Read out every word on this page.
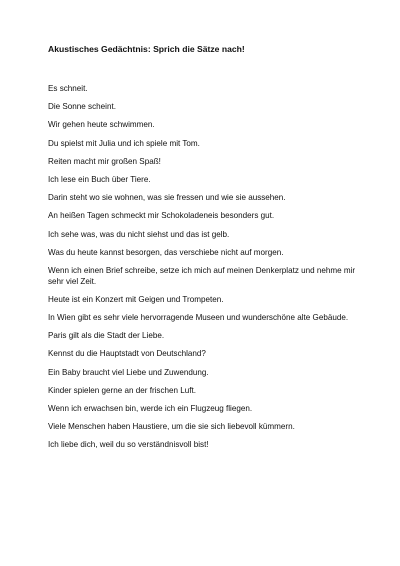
Akustisches Gedächtnis: Sprich die Sätze nach!
Es schneit.
Die Sonne scheint.
Wir gehen heute schwimmen.
Du spielst mit Julia und ich spiele mit Tom.
Reiten macht mir großen Spaß!
Ich lese ein Buch über Tiere.
Darin steht wo sie wohnen, was sie fressen und wie sie aussehen.
An heißen Tagen schmeckt mir Schokoladeneis besonders gut.
Ich sehe was, was du nicht siehst und das ist gelb.
Was du heute kannst besorgen, das verschiebe nicht auf morgen.
Wenn ich einen Brief schreibe, setze ich mich auf meinen Denkerplatz und nehme mir sehr viel Zeit.
Heute ist ein Konzert mit Geigen und Trompeten.
In Wien gibt es sehr viele hervorragende Museen und wunderschöne alte Gebäude.
Paris gilt als die Stadt der Liebe.
Kennst du die Hauptstadt von Deutschland?
Ein Baby braucht viel Liebe und Zuwendung.
Kinder spielen gerne an der frischen Luft.
Wenn ich erwachsen bin, werde ich ein Flugzeug fliegen.
Viele Menschen haben Haustiere, um die sie sich liebevoll kümmern.
Ich liebe dich, weil du so verständnisvoll bist!
